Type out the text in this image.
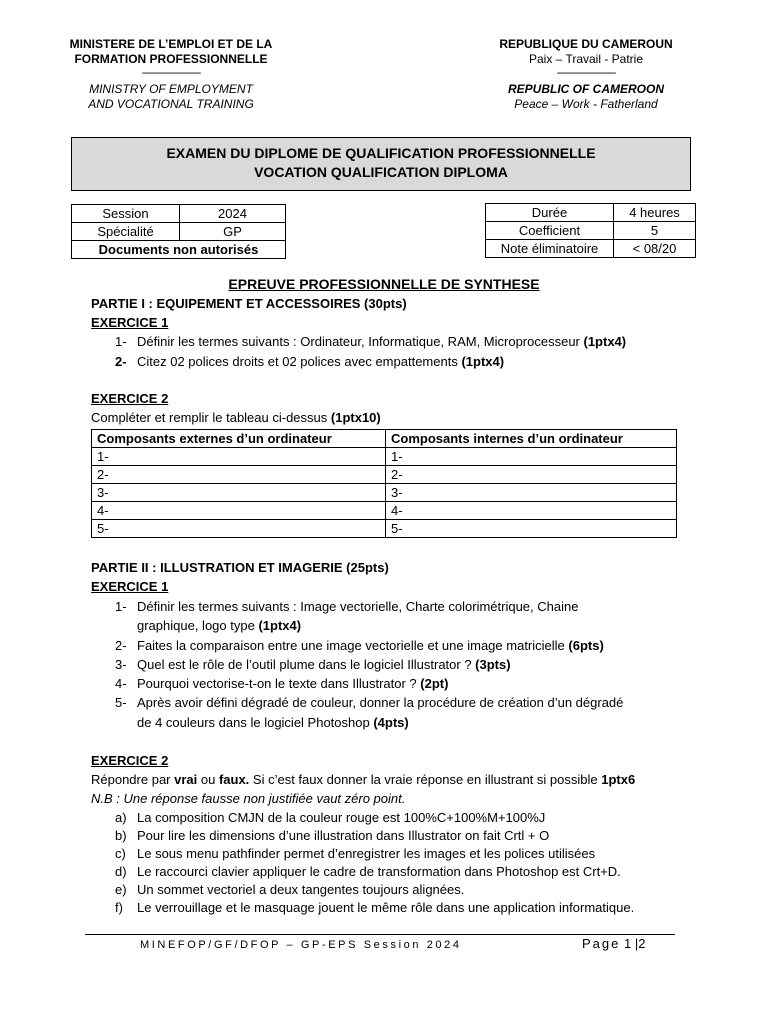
MINISTERE DE L’EMPLOI ET DE LA
FORMATION PROFESSIONNELLE
----------------------
MINISTRY OF EMPLOYMENT
AND VOCATIONAL TRAINING
REPUBLIQUE DU CAMEROUN
Paix – Travail - Patrie
----------------------
REPUBLIC OF CAMEROON
Peace – Work - Fatherland
EXAMEN DU DIPLOME DE QUALIFICATION PROFESSIONNELLE
VOCATION QUALIFICATION DIPLOMA
Session	2024
Spécialité	GP
Documents non autorisés	
Durée	4 heures
Coefficient	5
Note éliminatoire	< 08/20
EPREUVE PROFESSIONNELLE DE SYNTHESE
PARTIE I : EQUIPEMENT ET ACCESSOIRES (30pts)
EXERCICE 1
1- Définir les termes suivants : Ordinateur, Informatique, RAM, Microprocesseur (1ptx4)
2- Citez 02 polices droits et 02 polices avec empattements (1ptx4)
EXERCICE 2
Compléter et remplir le tableau ci-dessus (1ptx10)
Composants externes d’un ordinateur	Composants internes d’un ordinateur
1-	1-
2-	2-
3-	3-
4-	4-
5-	5-
PARTIE II : ILLUSTRATION ET IMAGERIE (25pts)
EXERCICE 1
1- Définir les termes suivants : Image vectorielle, Charte colorimétrique, Chaine
graphique, logo type (1ptx4)
2- Faites la comparaison entre une image vectorielle et une image matricielle (6pts)
3- Quel est le rôle de l’outil plume dans le logiciel Illustrator ? (3pts)
4- Pourquoi vectorise-t-on le texte dans Illustrator ? (2pt)
5- Après avoir défini dégradé de couleur, donner la procédure de création d’un dégradé
de 4 couleurs dans le logiciel Photoshop (4pts)
EXERCICE 2
Répondre par vrai ou faux. Si c’est faux donner la vraie réponse en illustrant si possible 1ptx6
N.B : Une réponse fausse non justifiée vaut zéro point.
a) La composition CMJN de la couleur rouge est 100%C+100%M+100%J
b) Pour lire les dimensions d’une illustration dans Illustrator on fait Crtl + O
c) Le sous menu pathfinder permet d’enregistrer les images et les polices utilisées
d) Le raccourci clavier appliquer le cadre de transformation dans Photoshop est Crt+D.
e) Un sommet vectoriel a deux tangentes toujours alignées.
f)	Le verrouillage et le masquage jouent le même rôle dans une application informatique.
MINEFOP/GF/DFOP – GP-EPS Session 2024	Page 1 |2
